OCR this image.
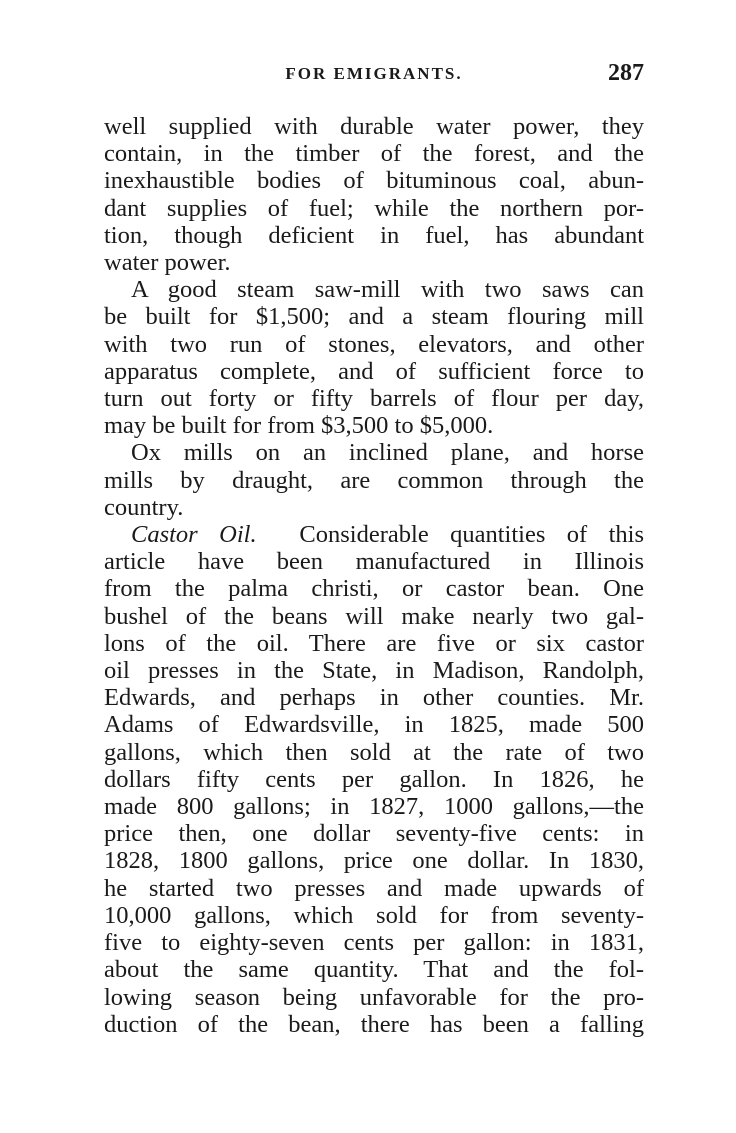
FOR EMIGRANTS.	287
well supplied with durable water power, they
contain, in the timber of the forest, and the
inexhaustible bodies of bituminous coal, abun-
dant supplies of fuel; while the northern por-
tion, though deficient in fuel, has abundant
water power.
A good steam saw-mill with two saws can
be built for $1,500; and a steam flouring mill
with two run of stones, elevators, and other
apparatus complete, and of sufficient force to
turn out forty or fifty barrels of flour per day,
may be built for from $3,500 to $5,000.
Ox mills on an inclined plane, and horse
mills by draught, are common through the
country.
Castor Oil. Considerable quantities of this
article have been manufactured in Illinois
from the palma christi, or castor bean. One
bushel of the beans will make nearly two gal-
lons of the oil. There are five or six castor
oil presses in the State, in Madison, Randolph,
Edwards, and perhaps in other counties. Mr.
Adams of Edwardsville, in 1825, made 500
gallons, which then sold at the rate of two
dollars fifty cents per gallon. In 1826, he
made 800 gallons; in 1827, 1000 gallons,—the
price then, one dollar seventy-five cents: in
1828, 1800 gallons, price one dollar. In 1830,
he started two presses and made upwards of
10,000 gallons, which sold for from seventy-
five to eighty-seven cents per gallon: in 1831,
about the same quantity. That and the fol-
lowing season being unfavorable for the pro-
duction of the bean, there has been a falling
